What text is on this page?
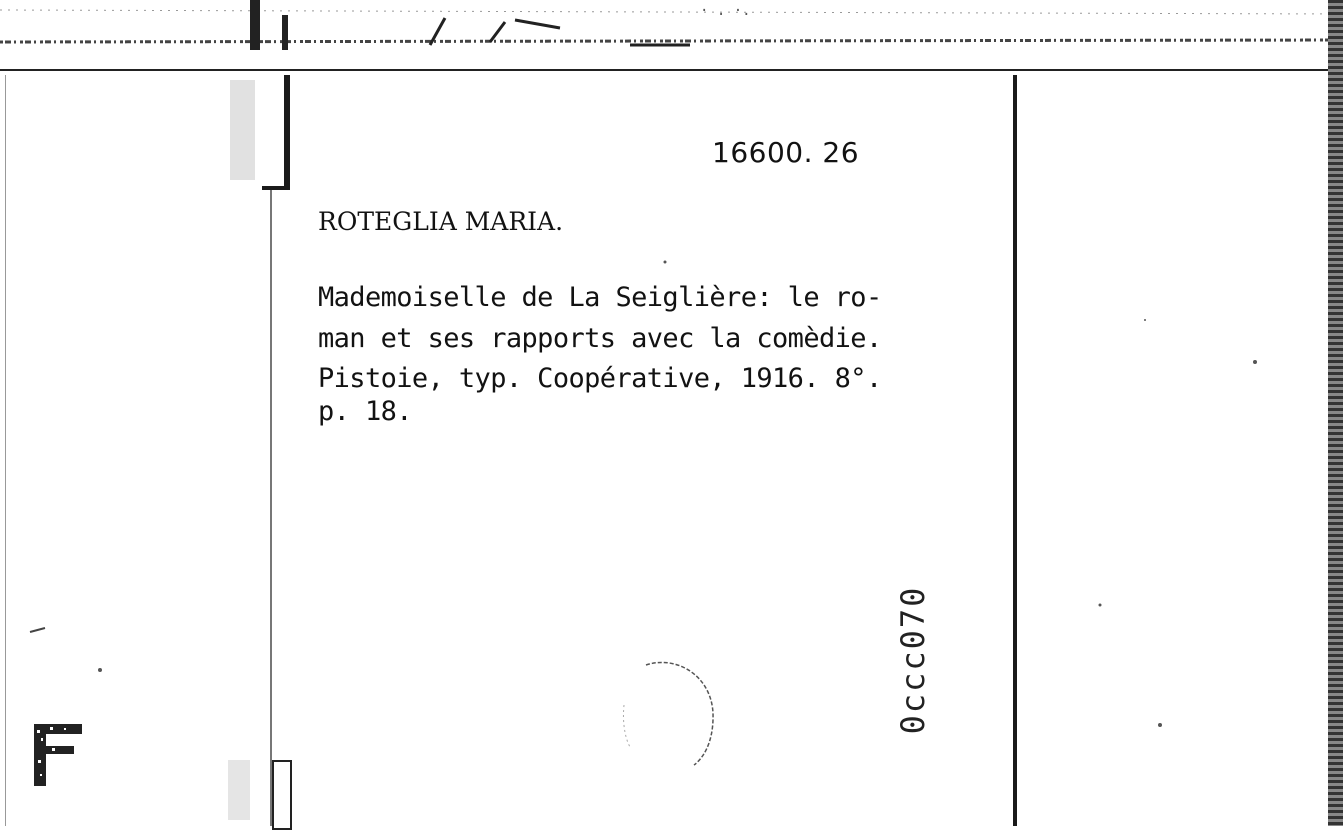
· . ·.
16600. 26
ROTEGLIA MARIA.
Mademoiselle de La Seiglière: le ro-
man et ses rapports avec la comèdie.
Pistoie, typ. Coopérative, 1916. 8°.
p. 18.
0ccc070
